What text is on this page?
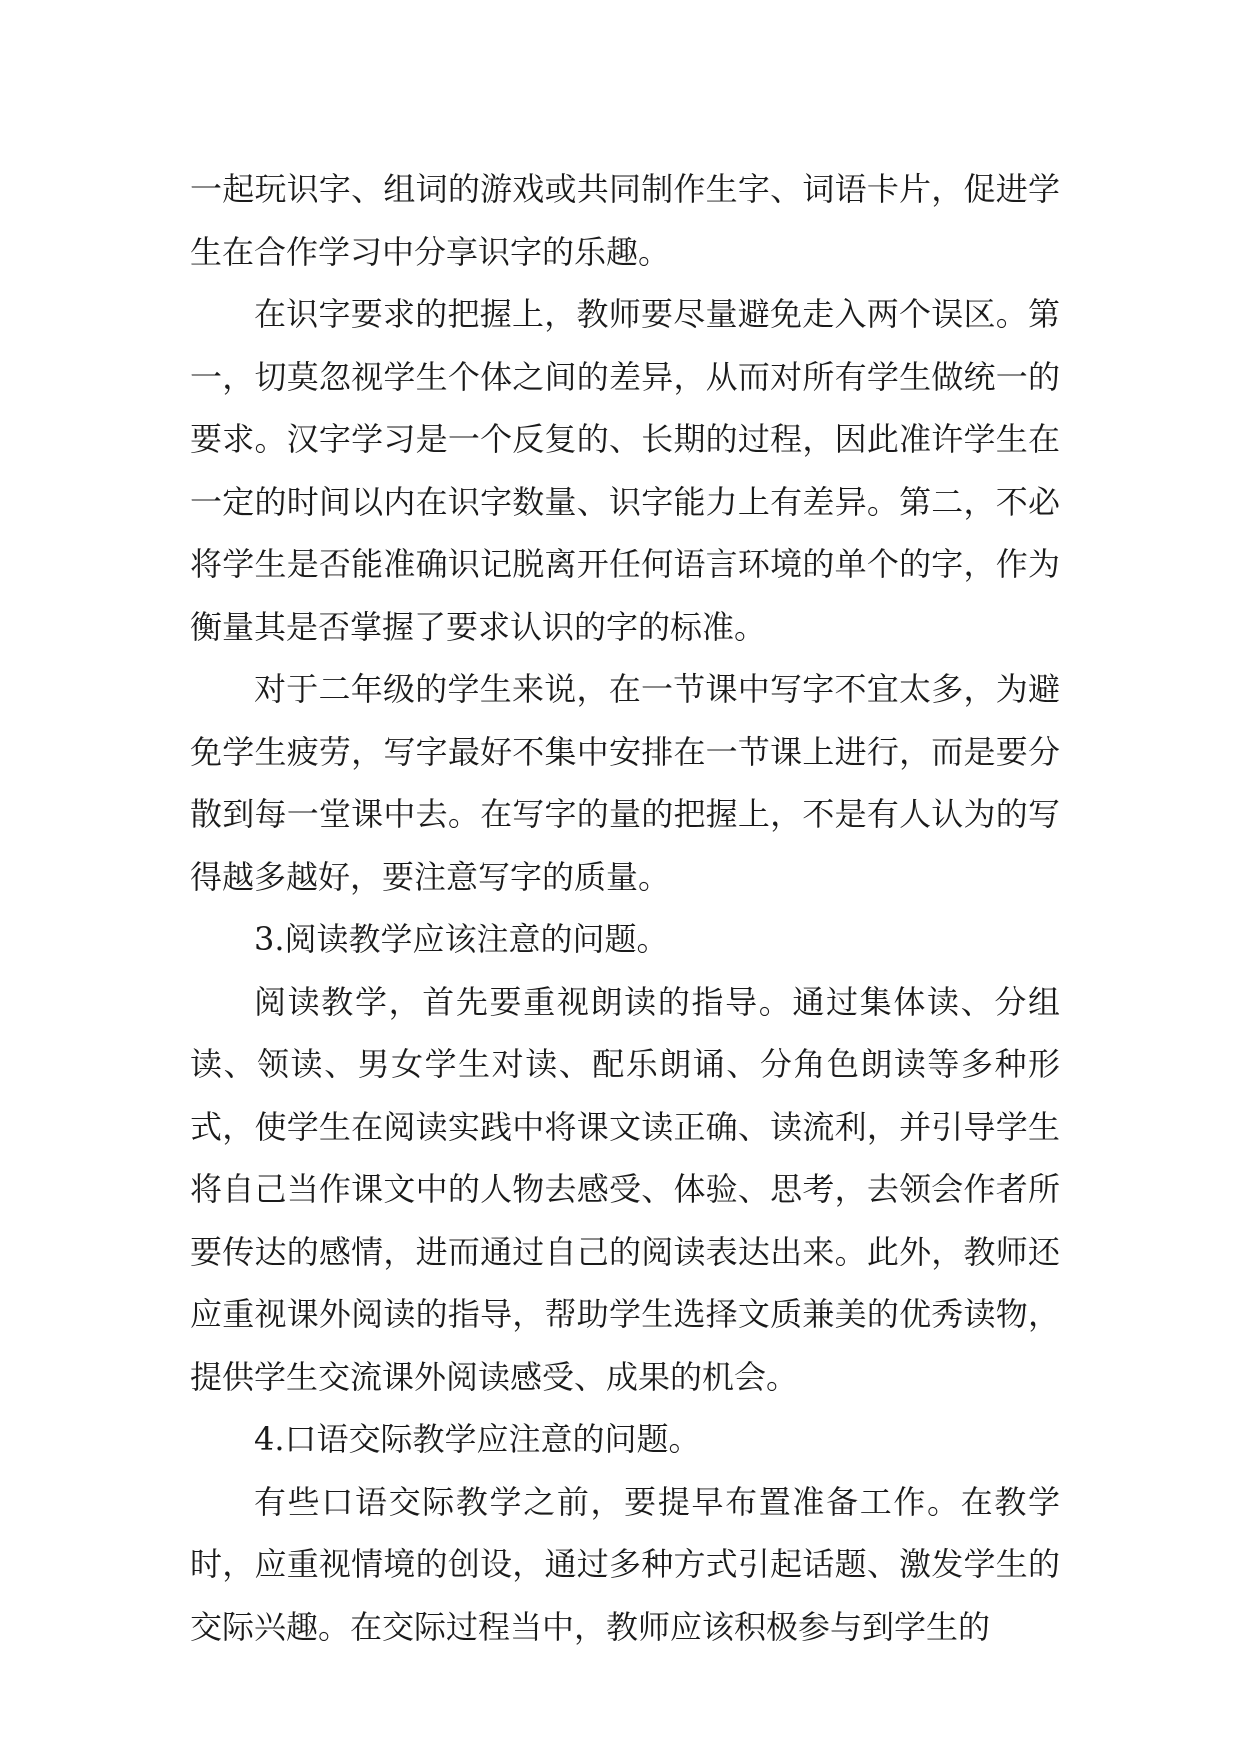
一起玩识字、组词的游戏或共同制作生字、词语卡片，促进学生在合作学习中分享识字的乐趣。

在识字要求的把握上，教师要尽量避免走入两个误区。第一，切莫忽视学生个体之间的差异，从而对所有学生做统一的要求。汉字学习是一个反复的、长期的过程，因此准许学生在一定的时间以内在识字数量、识字能力上有差异。第二，不必将学生是否能准确识记脱离开任何语言环境的单个的字，作为衡量其是否掌握了要求认识的字的标准。

对于二年级的学生来说，在一节课中写字不宜太多，为避免学生疲劳，写字最好不集中安排在一节课上进行，而是要分散到每一堂课中去。在写字的量的把握上，不是有人认为的写得越多越好，要注意写字的质量。

3.阅读教学应该注意的问题。

阅读教学，首先要重视朗读的指导。通过集体读、分组读、领读、男女学生对读、配乐朗诵、分角色朗读等多种形式，使学生在阅读实践中将课文读正确、读流利，并引导学生将自己当作课文中的人物去感受、体验、思考，去领会作者所要传达的感情，进而通过自己的阅读表达出来。此外，教师还应重视课外阅读的指导，帮助学生选择文质兼美的优秀读物，提供学生交流课外阅读感受、成果的机会。

4.口语交际教学应注意的问题。

有些口语交际教学之前，要提早布置准备工作。在教学时，应重视情境的创设，通过多种方式引起话题、激发学生的交际兴趣。在交际过程当中，教师应该积极参与到学生的
